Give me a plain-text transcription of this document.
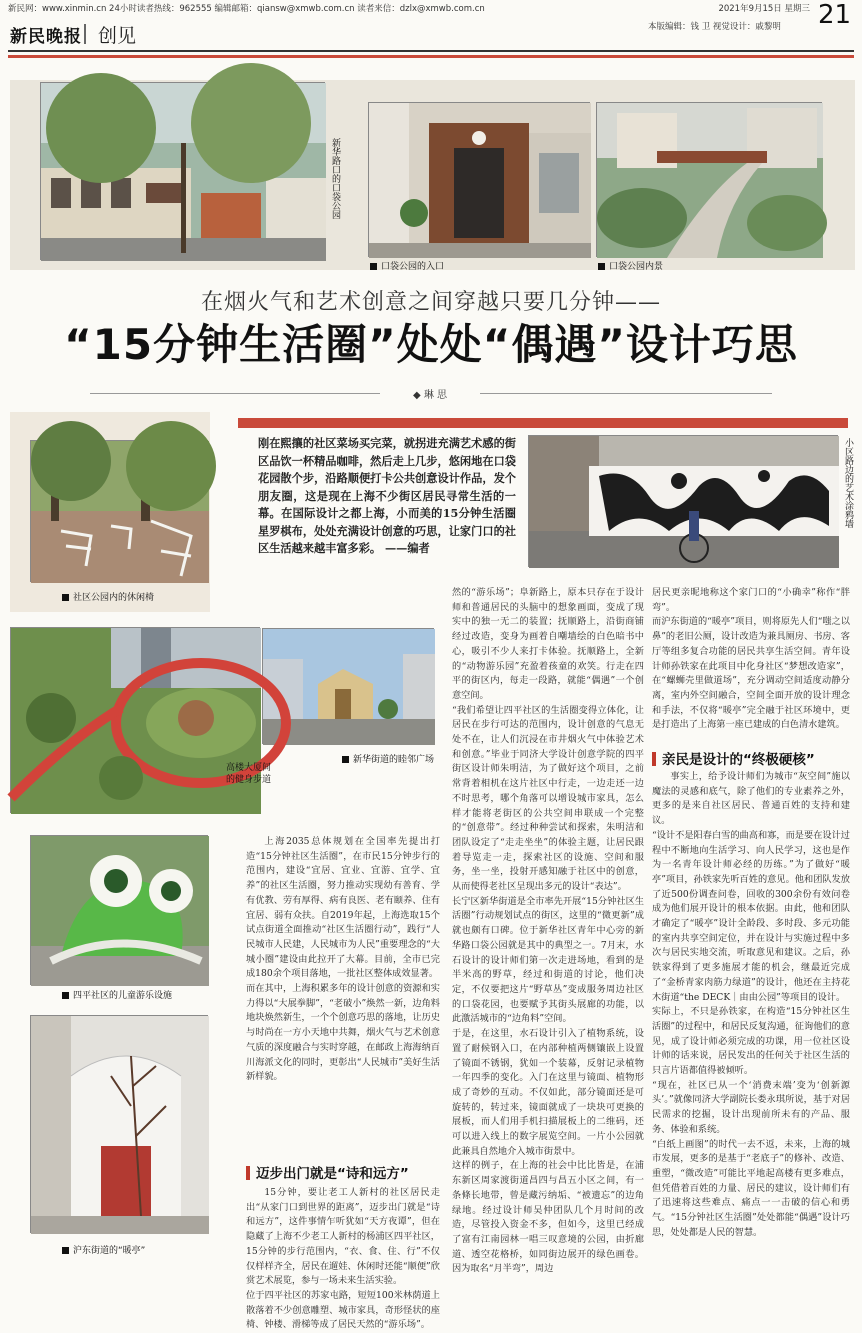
新民网：www.xinmin.cn 24小时读者热线：962555 编辑邮箱：qiansw@xmwb.com.cn 读者来信：dzlx@xmwb.com.cn	2021年9月15日 星期三 21
新民晚报 创见	本版编辑：钱 卫 视觉设计：戚黎明
新华路口的口袋公园
口袋公园的入口	口袋公园内景
在烟火气和艺术创意之间穿越只要几分钟——
“15分钟生活圈”处处“偶遇”设计巧思
◆ 琳 思
社区公园内的休闲椅
刚在熙攘的社区菜场买完菜，就拐进充满艺术感的街区品饮一杯精品咖啡，然后走上几步，悠闲地在口袋花园散个步，沿路顺便打卡公共创意设计作品，发个朋友圈，这是现在上海不少街区居民寻常生活的一幕。在国际设计之都上海，小而美的15分钟生活圈星罗棋布，处处充满设计创意的巧思，让家门口的社区生活越来越丰富多彩。 ——编者
小区路边的艺术涂鸦墙
新华街道的睦邻广场
高楼大厦间的健身步道
四平社区的儿童游乐设施
沪东街道的“暖亭”

上海2035总体规划在全国率先提出打造“15分钟社区生活圈”，在市民15分钟步行的范围内，建设“宜居、宜业、宜游、宜学、宜养”的社区生活圈，努力推动实现幼有善育、学有优教、劳有厚得、病有良医、老有颐养、住有宜居、弱有众扶。自2019年起，上海选取15个试点街道全面推动“社区生活圈行动”，践行“人民城市人民建，人民城市为人民”重要理念的“大城小圈”建设由此拉开了大幕。目前，全市已完成180余个项目落地，一批社区整体成效显著。
而在其中，上海积累多年的设计创意的资源和实力得以“大展拳脚”，“老破小”焕然一新，边角料地块焕然新生，一个个创意巧思的落地，让历史与时尚在一方小天地中共舞，烟火气与艺术创意气质的深度融合与实时穿越，在邮政上海海纳百川海派文化的同时，更彰出“人民城市”美好生活新样貌。

迈步出门就是“诗和远方”

15分钟，要让老工人新村的社区居民走出“从家门口到世界的距离”，迈步出门就是“诗和远方”，这件事情乍听犹如“天方夜谭”，但在隐藏了上海不少老工人新村的杨浦区四平社区，15分钟的步行范围内，“衣、食、住、行”不仅仅样样齐全，居民在遛娃、休闲时还能“顺便”欣赏艺术展览，参与一场未来生活实验。
位于四平社区的苏家屯路，短短100米林荫道上散落着不少创意雕塑、城市家具，奇形怪状的座椅、钟楼、滑梯等成了居民天然的“游乐场”。

然的“游乐场”；阜新路上，原本只存在于设计师和普通居民的头脑中的想象画面，变成了现实中的独一无二的装置；抚顺路上，沿街商铺经过改造，变身为画着自嘲墙绘的白色暗书中心，吸引不少人来打卡体验。抚顺路上，全新的“动物游乐园”充盈着孩童的欢笑。行走在四平的街区内，每走一段路，就能“偶遇”一个创意空间。
“我们希望让四平社区的生活圈变得立体化，让居民在步行可达的范围内，设计创意的气息无处不在，让人们沉浸在市井烟火气中体验艺术和创意。”毕业于同济大学设计创意学院的四平街区设计师朱明洁，为了做好这个项目，之前常背着相机在这片社区中行走，一边走还一边不时思考，哪个角落可以增设城市家具，怎么样才能将老街区的公共空间串联成一个完整的“创意带”。经过种种尝试和探索，朱明洁和团队设定了“走走坐坐”的体验主题，让居民跟着导览走一走，探索社区的设施、空间和服务，坐一坐，投射开感知融于社区中的创意，从而使得老社区呈现出多元的设计“表达”。
长宁区新华街道是全市率先开展“15分钟社区生活圈”行动规划试点的街区，这里的“微更新”成就也颇有口碑。位于新华社区青年中心旁的新华路口袋公园就是其中的典型之一。7月末，水石设计的设计师们第一次走进场地，看到的是半米高的野草，经过和街道的讨论，他们决定，不仅要把这片“野草丛”变成服务周边社区的口袋花园，也要赋予其街头展廊的功能，以此激活城市的“边角料”空间。
于是，在这里，水石设计引入了植物系统，设置了耐候钢入口，在内部种植两侧镶嵌上设置了镜面不锈钢，犹如一个装幕，反射记录植物一年四季的变化。入门在这里与镜面、植物形成了奇妙的互动。不仅如此，部分镜面还是可旋转的，转过来，镜面就成了一块块可更换的展板，而人们用手机扫描展板上的二维码，还可以进入线上的数字展览空间。一片小公园就此兼具自然地介入城市街景中。
这样的例子，在上海的社会中比比皆是，在浦东新区周家渡街道昌四与昌五小区之间，有一条條长地带，曾是藏污纳垢、“被遗忘”的边角绿地。经过设计师吴仲团队几个月时间的改造，尽管投入资金不多，但如今，这里已经成了富有江南园林一唱三叹意境的公园，由折廊道、透空花格桥，如同街边展开的绿色画卷。因为取名“月半弯”，周边

居民更亲昵地称这个家门口的“小确幸”称作“胖弯”。
而沪东街道的“暖亭”项目，则将原先人们“嗤之以鼻”的老旧公厕，设计改造为兼具厕房、书房、客厅等组多复合功能的居民共享生活空间。青年设计师孙铁家在此项目中化身社区“梦想改造家”，在“螺蛳壳里做道场”，充分调动空间适度动静分离，室内外空间融合，空间全面开放的设计理念和手法，不仅将“暖亭”完全融于社区环境中，更是打造出了上海第一座已建成的白色清水建筑。

亲民是设计的“终极硬核”

事实上，给予设计师们为城市“灰空间”施以魔法的灵感和底气，除了他们的专业素养之外，更多的是来自社区居民、普通百姓的支持和建议。
“设计不是阳春白雪的曲高和寡，而是要在设计过程中不断地向生活学习、向人民学习，这也是作为一名青年设计师必经的历练。”为了做好“暖亭”项目，孙铁家先听百姓的意见。他和团队发放了近500份调查问卷，回收的300余份有效问卷成为他们展开设计的根本依据。由此，他和团队才确定了“暖亭”设计全龄段、多时段、多元功能的室内共享空间定位，并在设计与实施过程中多次与居民实地交流，听取意见和建议。之后，孙铁家得到了更多施展才能的机会，继最近完成了“金桥青家肉筋力绿道”的设计，他还在主持花木街道“the DECK｜由由公园”等项目的设计。
实际上，不只是孙铁家，在构造“15分钟社区生活圈”的过程中，和居民反复沟通，征询他们的意见，成了设计师必须完成的功课，用一位社区设计师的话来说，居民发出的任何关于社区生活的只言片语都值得被倾听。
“现在，社区已从一个‘消费末端’变为‘创新源头’。”就像同济大学副院长娄永琪所说，基于对居民需求的挖掘，设计出现前所未有的产品、服务、体验和系统。
“白纸上画图”的时代一去不返，未来，上海的城市发展，更多的是基于“老底子”的修补、改造、重塑，“微改造”可能比平地起高楼有更多难点，但凭借着百姓的力量、居民的建议，设计师们有了迅速将这些难点、痛点一一击破的信心和勇气。“15分钟社区生活圈”处处都能“偶遇”设计巧思，处处都是人民的智慧。
